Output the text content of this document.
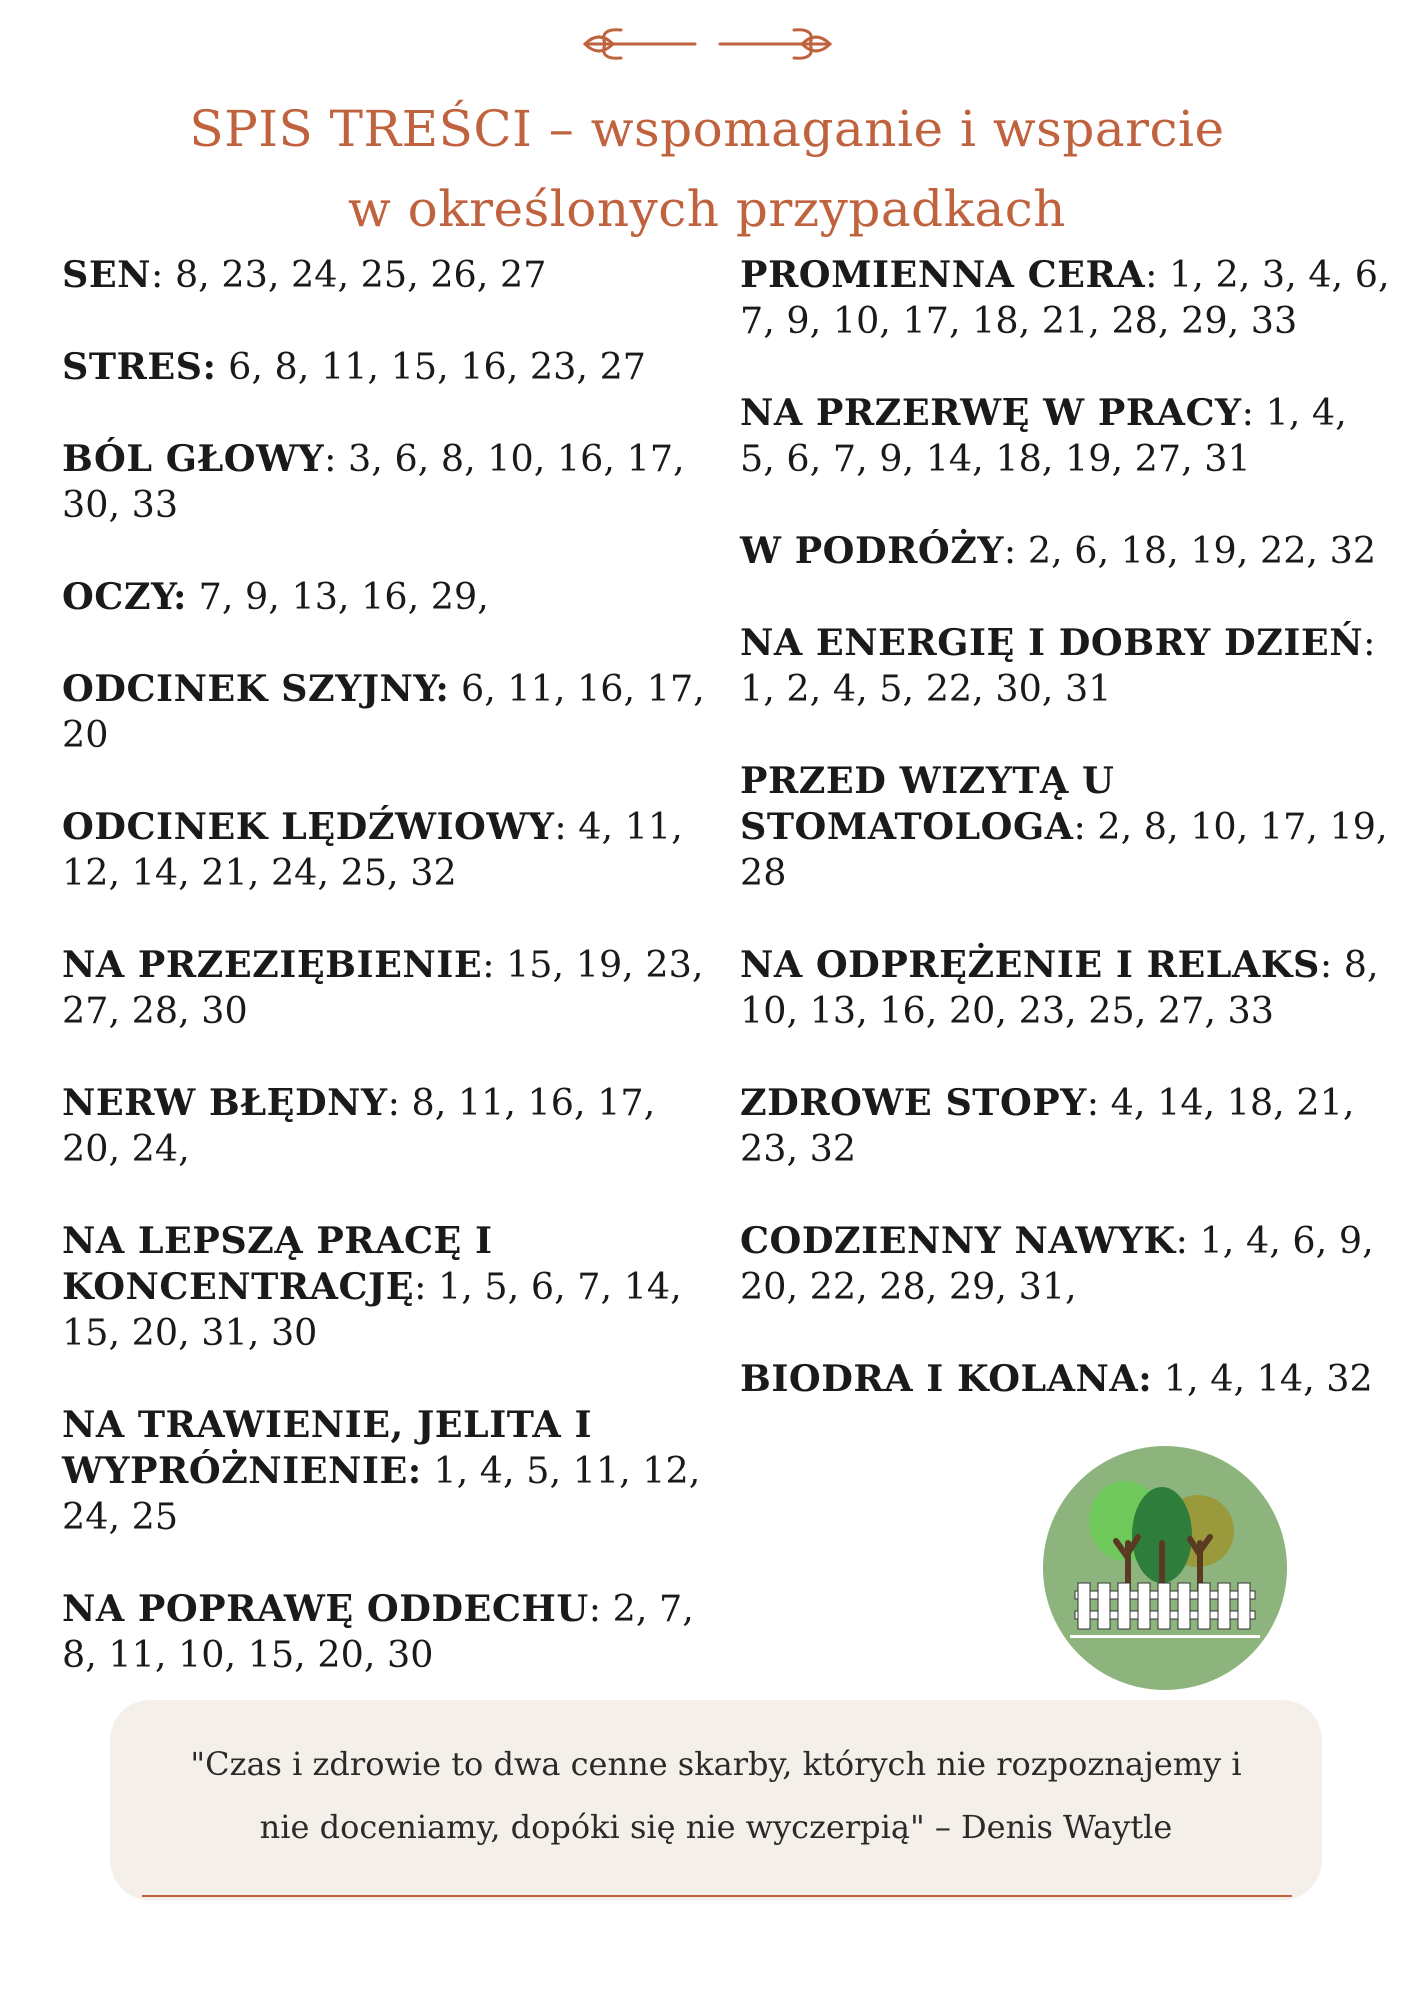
SPIS TREŚCI – wspomaganie i wsparcie
w określonych przypadkach
SEN: 8, 23, 24, 25, 26, 27
STRES: 6, 8, 11, 15, 16, 23, 27
BÓL GŁOWY: 3, 6, 8, 10, 16, 17, 30, 33
OCZY: 7, 9, 13, 16, 29,
ODCINEK SZYJNY: 6, 11, 16, 17, 20
ODCINEK LĘDŹWIOWY: 4, 11, 12, 14, 21, 24, 25, 32
NA PRZEZIĘBIENIE: 15, 19, 23, 27, 28, 30
NERW BŁĘDNY: 8, 11, 16, 17, 20, 24,
NA LEPSZĄ PRACĘ I KONCENTRACJĘ: 1, 5, 6, 7, 14, 15, 20, 31, 30
NA TRAWIENIE, JELITA I WYPRÓŻNIENIE: 1, 4, 5, 11, 12, 24, 25
NA POPRAWĘ ODDECHU: 2, 7, 8, 11, 10, 15, 20, 30
PROMIENNA CERA: 1, 2, 3, 4, 6, 7, 9, 10, 17, 18, 21, 28, 29, 33
NA PRZERWĘ W PRACY: 1, 4, 5, 6, 7, 9, 14, 18, 19, 27, 31
W PODRÓŻY: 2, 6, 18, 19, 22, 32
NA ENERGIĘ I DOBRY DZIEŃ: 1, 2, 4, 5, 22, 30, 31
PRZED WIZYTĄ U STOMATOLOGA: 2, 8, 10, 17, 19, 28
NA ODPRĘŻENIE I RELAKS: 8, 10, 13, 16, 20, 23, 25, 27, 33
ZDROWE STOPY: 4, 14, 18, 21, 23, 32
CODZIENNY NAWYK: 1, 4, 6, 9, 20, 22, 28, 29, 31,
BIODRA I KOLANA: 1, 4, 14, 32
"Czas i zdrowie to dwa cenne skarby, których nie rozpoznajemy i
nie doceniamy, dopóki się nie wyczerpią" – Denis Waytle
